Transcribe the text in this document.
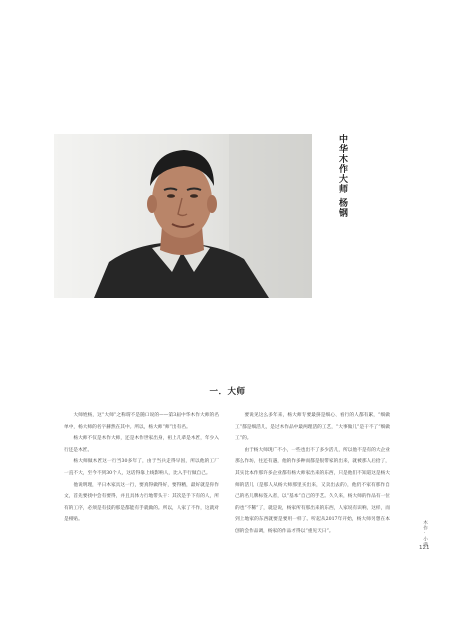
中华木作大师
杨钢
一．大师

大师姓杨，这“大师”之称谓不是随口说的——第3届中华木作大师的名单中，杨大师的名字赫然在其中。所以，杨大师“师”出有名。

杨大师不仅是木作大师，还是木作世家出身，祖上几辈是木匠，年少入行还是木匠。

杨大师做木匠这一行当30多年了，由于当兵走得早因，所以他的工厂一直不大，至今不到30个人，这话得靠上线影响人，比入手行做自己。

他说明理，平日木家具这一行，要真得做得好，要得精，最好就是你作文，首先要找中会有要得，并且具体力行地带头干：其次是手下有的人，所有的工序，必须是有技的那是都能有手就做的。所以，人家了不作，这就对是相贴。

要说见这么多年来，杨大师专要最挤是细心、看行的人都有累，“细做工”都是细活儿，是过木作品中最两理活的工艺，“大事做儿”是干不了“细做工”的。

由于杨大师现广不小，一些也出不了多少活儿，所以他不是有的大企业那么作坊，往还有遇，他的作多种而都是很带家的出来，就被那人后拾了，其实比本作那许多企业都有杨大师家出来的东西，只是他们不知道这是杨大师的活儿（是那人从杨大师那里买出来，又卖出去的），他仍不家有那作自己的名儿牌标签入者，以“基本”自己的手艺。久久来，杨大师的作品有一位的也“不稀”了，就是说，杨家所有那出来的东西，人家说有识响，这样，而到上地家的东西就要是要用一样了。听起从2017年开始，杨大师另想在本创的会作品调，杨家的作品才得以“重见天日”。	木作·小满
121
